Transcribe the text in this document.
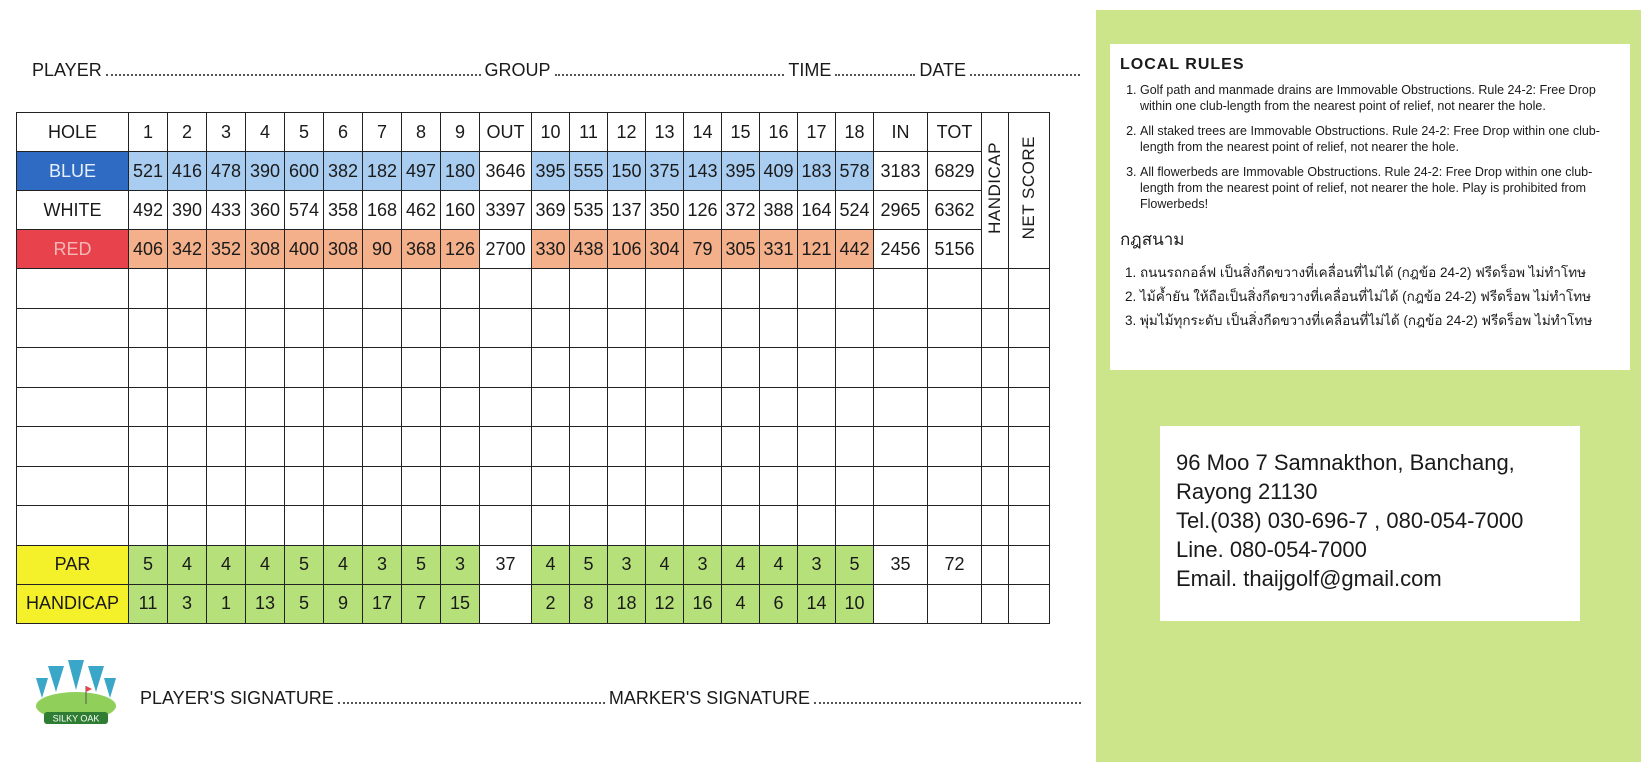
PLAYER	GROUP	TIME	DATE
HOLE	1	2	3	4	5	6	7	8	9	OUT	10	11	12	13	14	15	16	17	18	IN	TOT	HANDICAP	NET SCORE
BLUE	521	416	478	390	600	382	182	497	180	3646	395	555	150	375	143	395	409	183	578	3183	6829		
WHITE	492	390	433	360	574	358	168	462	160	3397	369	535	137	350	126	372	388	164	524	2965	6362		
RED	406	342	352	308	400	308	90	368	126	2700	330	438	106	304	79	305	331	121	442	2456	5156		

PAR	5	4	4	4	5	4	3	5	3	37	4	5	3	4	3	4	4	3	5	35	72		
HANDICAP	11	3	1	13	5	9	17	7	15		2	8	18	12	16	4	6	14	10				
SILKY OAK
PLAYER'S SIGNATURE	MARKER'S SIGNATURE
LOCAL RULES
1. Golf path and manmade drains are Immovable Obstructions. Rule 24-2: Free Drop within one club-length from the nearest point of relief, not nearer the hole.
2. All staked trees are Immovable Obstructions. Rule 24-2: Free Drop within one club-length from the nearest point of relief, not nearer the hole.
3. All flowerbeds are Immovable Obstructions. Rule 24-2: Free Drop within one club-length from the nearest point of relief, not nearer the hole. Play is prohibited from Flowerbeds!
กฎสนาม
1. ถนนรถกอล์ฟ เป็นสิ่งกีดขวางที่เคลื่อนที่ไม่ได้ (กฎข้อ 24-2) ฟรีดร็อพ ไม่ทำโทษ
2. ไม้ค้ำยัน ให้ถือเป็นสิ่งกีดขวางที่เคลื่อนที่ไม่ได้ (กฎข้อ 24-2) ฟรีดร็อพ ไม่ทำโทษ
3. พุ่มไม้ทุกระดับ เป็นสิ่งกีดขวางที่เคลื่อนที่ไม่ได้ (กฎข้อ 24-2) ฟรีดร็อพ ไม่ทำโทษ
96 Moo 7 Samnakthon, Banchang,
Rayong 21130
Tel.(038) 030-696-7 , 080-054-7000
Line. 080-054-7000
Email. thaijgolf@gmail.com
